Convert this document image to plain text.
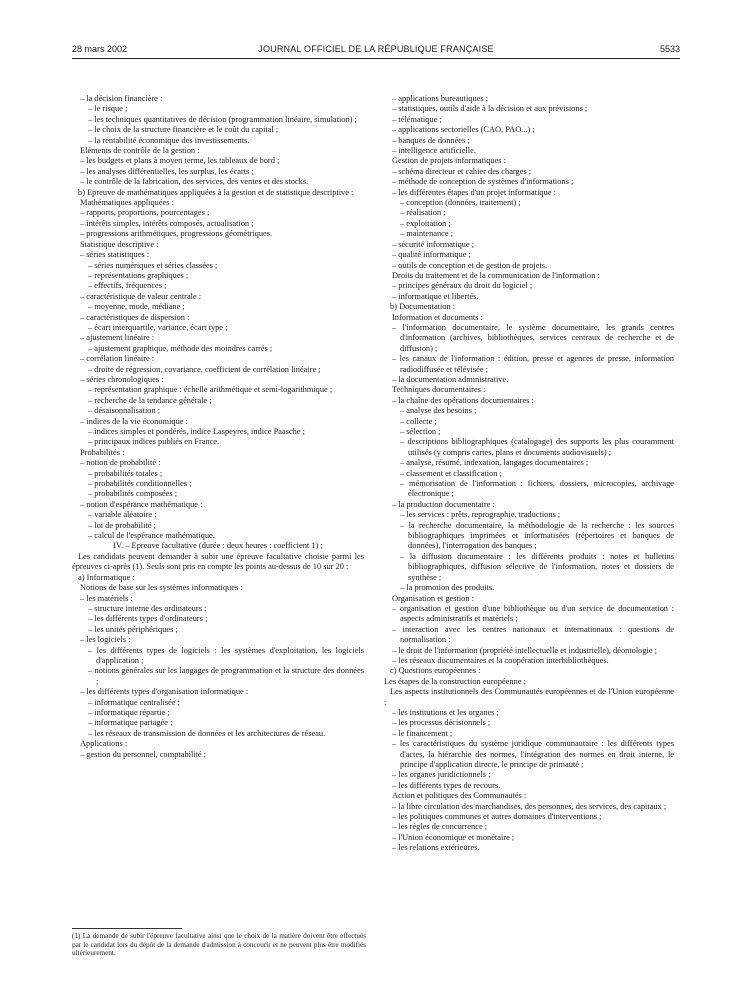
28 mars 2002	JOURNAL OFFICIEL DE LA RÉPUBLIQUE FRANÇAISE	5533
– la décision financière :
– le risque ;
– les techniques quantitatives de décision (programmation linéaire, simulation) ;
– le choix de la structure financière et le coût du capital ;
– la rentabilité économique des investissements.
Eléments de contrôle de la gestion :
– les budgets et plans à moyen terme, les tableaux de bord ;
– les analyses différentielles, les surplus, les écarts ;
– le contrôle de la fabrication, des services, des ventes et des stocks.
b) Epreuve de mathématiques appliquées à la gestion et de statistique descriptive :
Mathématiques appliquées :
– rapports, proportions, pourcentages ;
– intérêts simples, intérêts composés, actualisation ;
– progressions arithmétiques, progressions géométriques.
Statistique descriptive :
– séries statistiques :
– séries numériques et séries classées ;
– représentations graphiques ;
– effectifs, fréquences ;
– caractéristique de valeur centrale :
– moyenne, mode, médiane ;
– caractéristiques de dispersion :
– écart interquartile, variance, écart type ;
– ajustement linéaire :
– ajustement graphique, méthode des moindres carrés ;
– corrélation linéaire :
– droite de régression, covariance, coefficient de corrélation linéaire ;
– séries chronologiques :
– représentation graphique : échelle arithmétique et semi-logarithmique ;
– recherche de la tendance générale ;
– désaisonnalisation ;
– indices de la vie économique :
– indices simples et pondérés, indice Laspeyres, indice Paasche ;
– principaux indices publiés en France.
Probabilités :
– notion de probabilité :
– probabilités totales ;
– probabilités conditionnelles ;
– probabilités composées ;
– notion d'espérance mathématique :
– variable aléatoire ;
– loi de probabilité ;
– calcul de l'espérance mathématique.
IV. – Epreuve facultative (durée : deux heures : coefficient 1) ;
Les candidats peuvent demander à subir une épreuve facultative choisie parmi les épreuves ci-après (1). Seuls sont pris en compte les points au-dessus de 10 sur 20 :
a) Informatique :
Notions de base sur les systèmes informatiques :
– les matériels :
– structure interne des ordinateurs ;
– les différents types d'ordinateurs ;
– les unités périphériques ;
– les logiciels :
– les différents types de logiciels : les systèmes d'exploitation, les logiciels d'application ;
– notions générales sur les langages de programmation et la structure des données ;
– les différents types d'organisation informatique :
– informatique centralisée ;
– informatique répartie ;
– informatique partagée ;
– les réseaux de transmission de données et les architectures de réseau.
Applications :
– gestion du personnel, comptabilité ;
– applications bureautiques ;
– statistiques, outils d'aide à la décision et aux prévisions ;
– télématique ;
– applications sectorielles (CAO, PAO...) ;
– banques de données ;
– intelligence artificielle.
Gestion de projets informatiques :
– schéma directeur et cahier des charges ;
– méthode de conception de systèmes d'informations ;
– les différentes étapes d'un projet informatique :
– conception (données, traitement) ;
– réalisation ;
– exploitation ;
– maintenance ;
– sécurité informatique ;
– qualité informatique ;
– outils de conception et de gestion de projets.
Droits du traitement et de la communication de l'information :
– principes généraux du droit du logiciel ;
– informatique et libertés.
b) Documentation :
Information et documents :
– l'information documentaire, le système documentaire, les grands centres d'information (archives, bibliothèques, services centraux de recherche et de diffusion) ;
– les canaux de l'information : édition, presse et agences de presse, information radiodiffusée et télévisée ;
– la documentation administrative.
Techniques documentaires :
– la chaîne des opérations documentaires :
– analyse des besoins ;
– collecte ;
– sélection ;
– descriptions bibliographiques (catalogage) des supports les plus couramment utilisés (y compris cartes, plans et documents audiovisuels) ;
– analyse, résumé, indexation, langages documentaires ;
– classement et classification ;
– mémorisation de l'information : fichiers, dossiers, microcopies, archivage électronique ;
– la production documentaire :
– les services : prêts, reprographie, traductions ;
– la recherche documentaire, la méthodologie de la recherche : les sources bibliographiques imprimées et informatisées (répertoires et banques de données), l'interrogation des banques ;
– la diffusion documentaire : les différents produits : notes et bulletins bibliographiques, diffusion sélective de l'information, notes et dossiers de synthèse ;
– la promotion des produits.
Organisation et gestion :
– organisation et gestion d'une bibliothèque ou d'un service de documentation : aspects administratifs et matériels ;
– interaction avec les centres nationaux et internationaux : questions de normalisation :
– le droit de l'information (propriété intellectuelle et industrielle), déontologie ;
– les réseaux documentaires et la coopération interbibliothèques.
c) Questions européennes :
Les étapes de la construction européenne ;
Les aspects institutionnels des Communautés européennes et de l'Union européenne :
– les institutions et les organes ;
– les processus décisionnels ;
– le financement ;
– les caractéristiques du système juridique communautaire : les différents types d'actes, la hiérarchie des normes, l'intégration des normes en droit interne, le principe d'application directe, le principe de primauté ;
– les organes juridictionnels ;
– les différents types de recours.
Action et politiques des Communautés :
– la libre circulation des marchandises, des personnes, des services, des capitaux ;
– les politiques communes et autres domaines d'interventions ;
– les règles de concurrence ;
– l'Union économique et monétaire ;
– les relations extérieures.
(1) La demande de subir l'épreuve facultative ainsi que le choix de la matière doivent être effectués par le candidat lors du dépôt de la demande d'admission à concourir et ne peuvent plus être modifiés ultérieurement.
